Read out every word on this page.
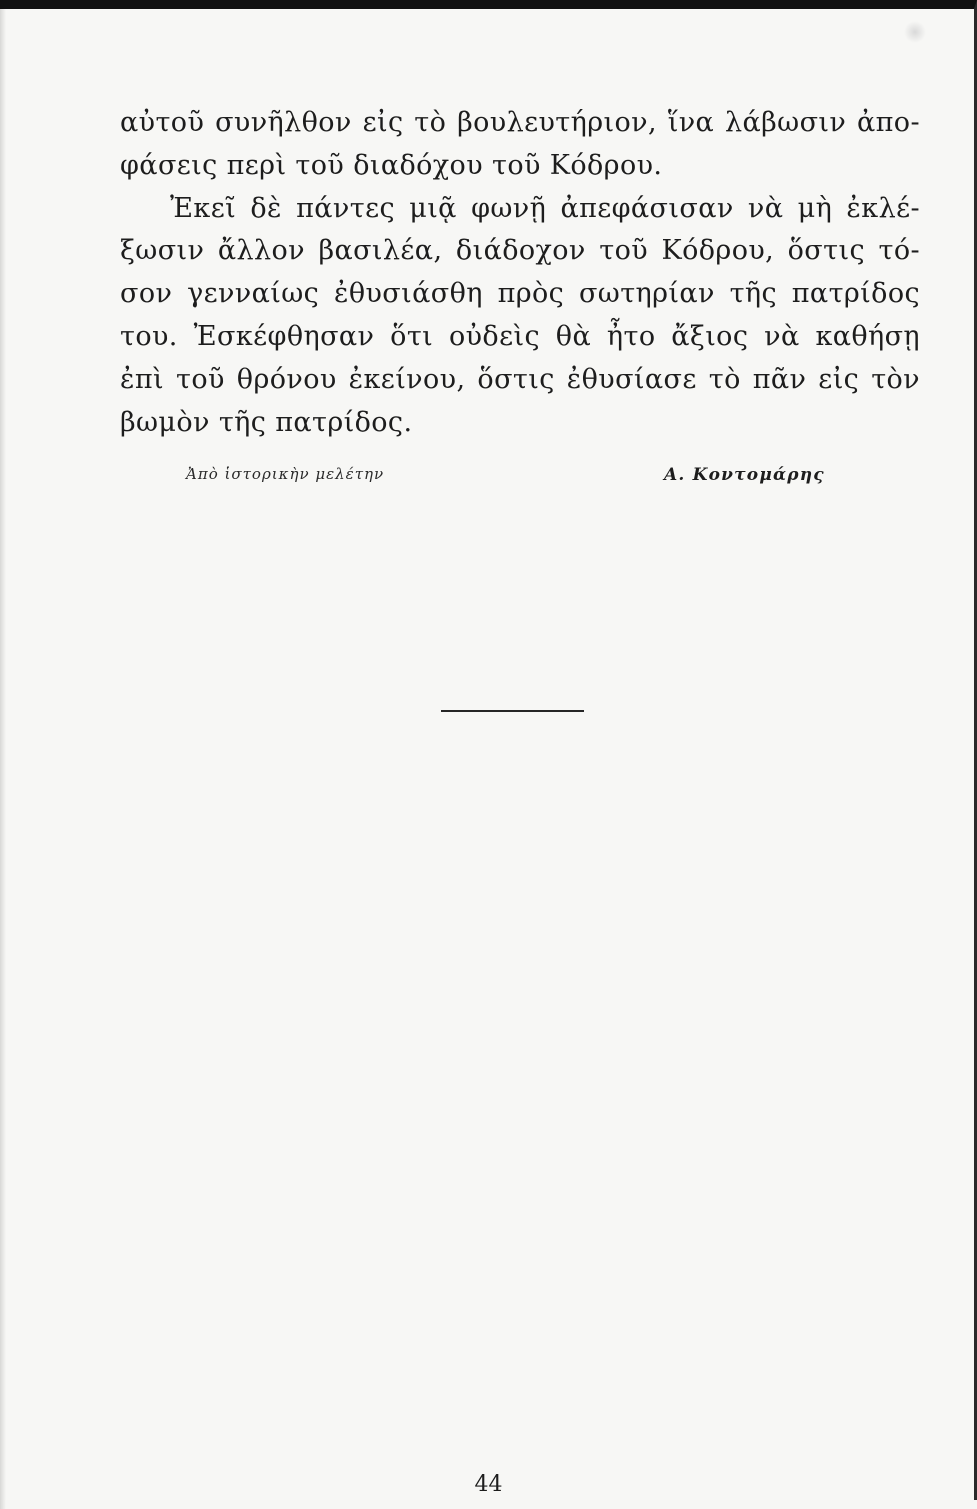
αὐτοῦ συνῆλθον εἰς τὸ βουλευτήριον, ἵνα λάβωσιν ἀπο-
φάσεις περὶ τοῦ διαδόχου τοῦ Κόδρου.
Ἐκεῖ δὲ πάντες μιᾷ φωνῇ ἀπεφάσισαν νὰ μὴ ἐκλέ-
ξωσιν ἄλλον βασιλέα, διάδοχον τοῦ Κόδρου, ὅστις τό-
σον γενναίως ἐθυσιάσθη πρὸς σωτηρίαν τῆς πατρίδος
του. Ἐσκέφθησαν ὅτι οὐδεὶς θὰ ἦτο ἄξιος νὰ καθήσῃ
ἐπὶ τοῦ θρόνου ἐκείνου, ὅστις ἐθυσίασε τὸ πᾶν εἰς τὸν
βωμὸν τῆς πατρίδος.
Ἀπὸ ἱστορικὴν μελέτην	Α. Κοντομάρης
44
